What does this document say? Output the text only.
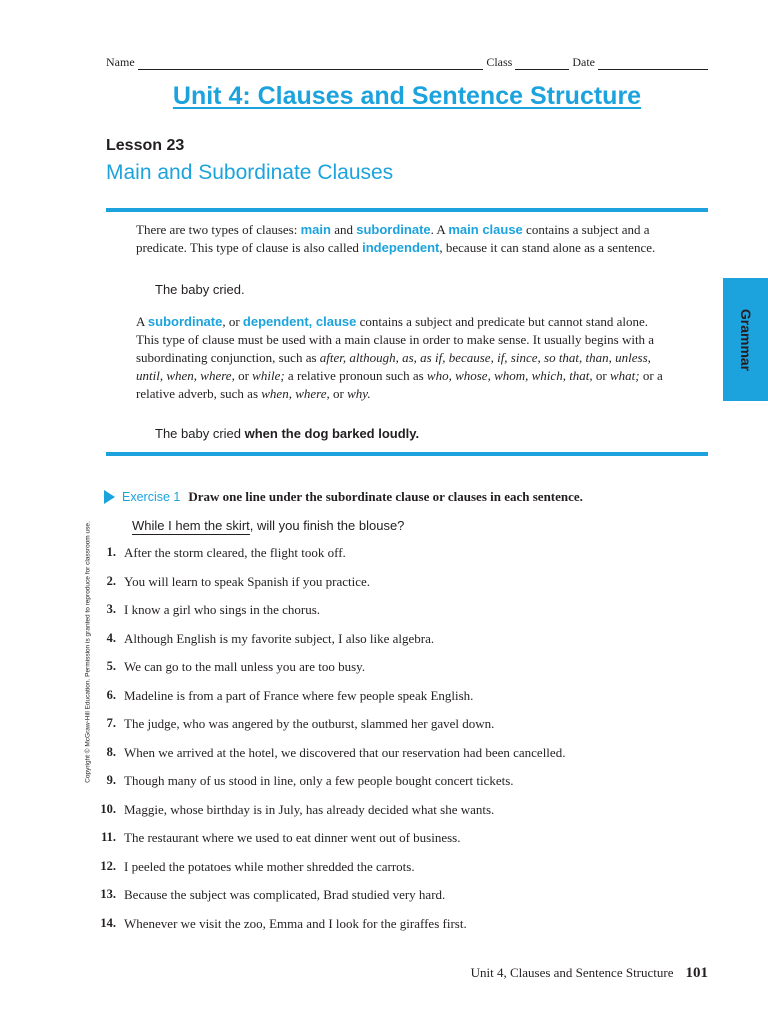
Name	Class	Date
Unit 4: Clauses and Sentence Structure
Lesson 23
Main and Subordinate Clauses

There are two types of clauses: main and subordinate. A main clause contains a subject and a predicate. This type of clause is also called independent, because it can stand alone as a sentence.

The baby cried.

A subordinate, or dependent, clause contains a subject and predicate but cannot stand alone. This type of clause must be used with a main clause in order to make sense. It usually begins with a subordinating conjunction, such as after, although, as, as if, because, if, since, so that, than, unless, until, when, where, or while; a relative pronoun such as who, whose, whom, which, that, or what; or a relative adverb, such as when, where, or why.

The baby cried when the dog barked loudly.
Grammar
Copyright © McGraw-Hill Education. Permission is granted to reproduce for classroom use.
Exercise 1 Draw one line under the subordinate clause or clauses in each sentence.
While I hem the skirt, will you finish the blouse?
1. After the storm cleared, the flight took off.
2. You will learn to speak Spanish if you practice.
3. I know a girl who sings in the chorus.
4. Although English is my favorite subject, I also like algebra.
5. We can go to the mall unless you are too busy.
6. Madeline is from a part of France where few people speak English.
7. The judge, who was angered by the outburst, slammed her gavel down.
8. When we arrived at the hotel, we discovered that our reservation had been cancelled.
9. Though many of us stood in line, only a few people bought concert tickets.
10. Maggie, whose birthday is in July, has already decided what she wants.
11. The restaurant where we used to eat dinner went out of business.
12. I peeled the potatoes while mother shredded the carrots.
13. Because the subject was complicated, Brad studied very hard.
14. Whenever we visit the zoo, Emma and I look for the giraffes first.
Unit 4, Clauses and Sentence Structure 101
